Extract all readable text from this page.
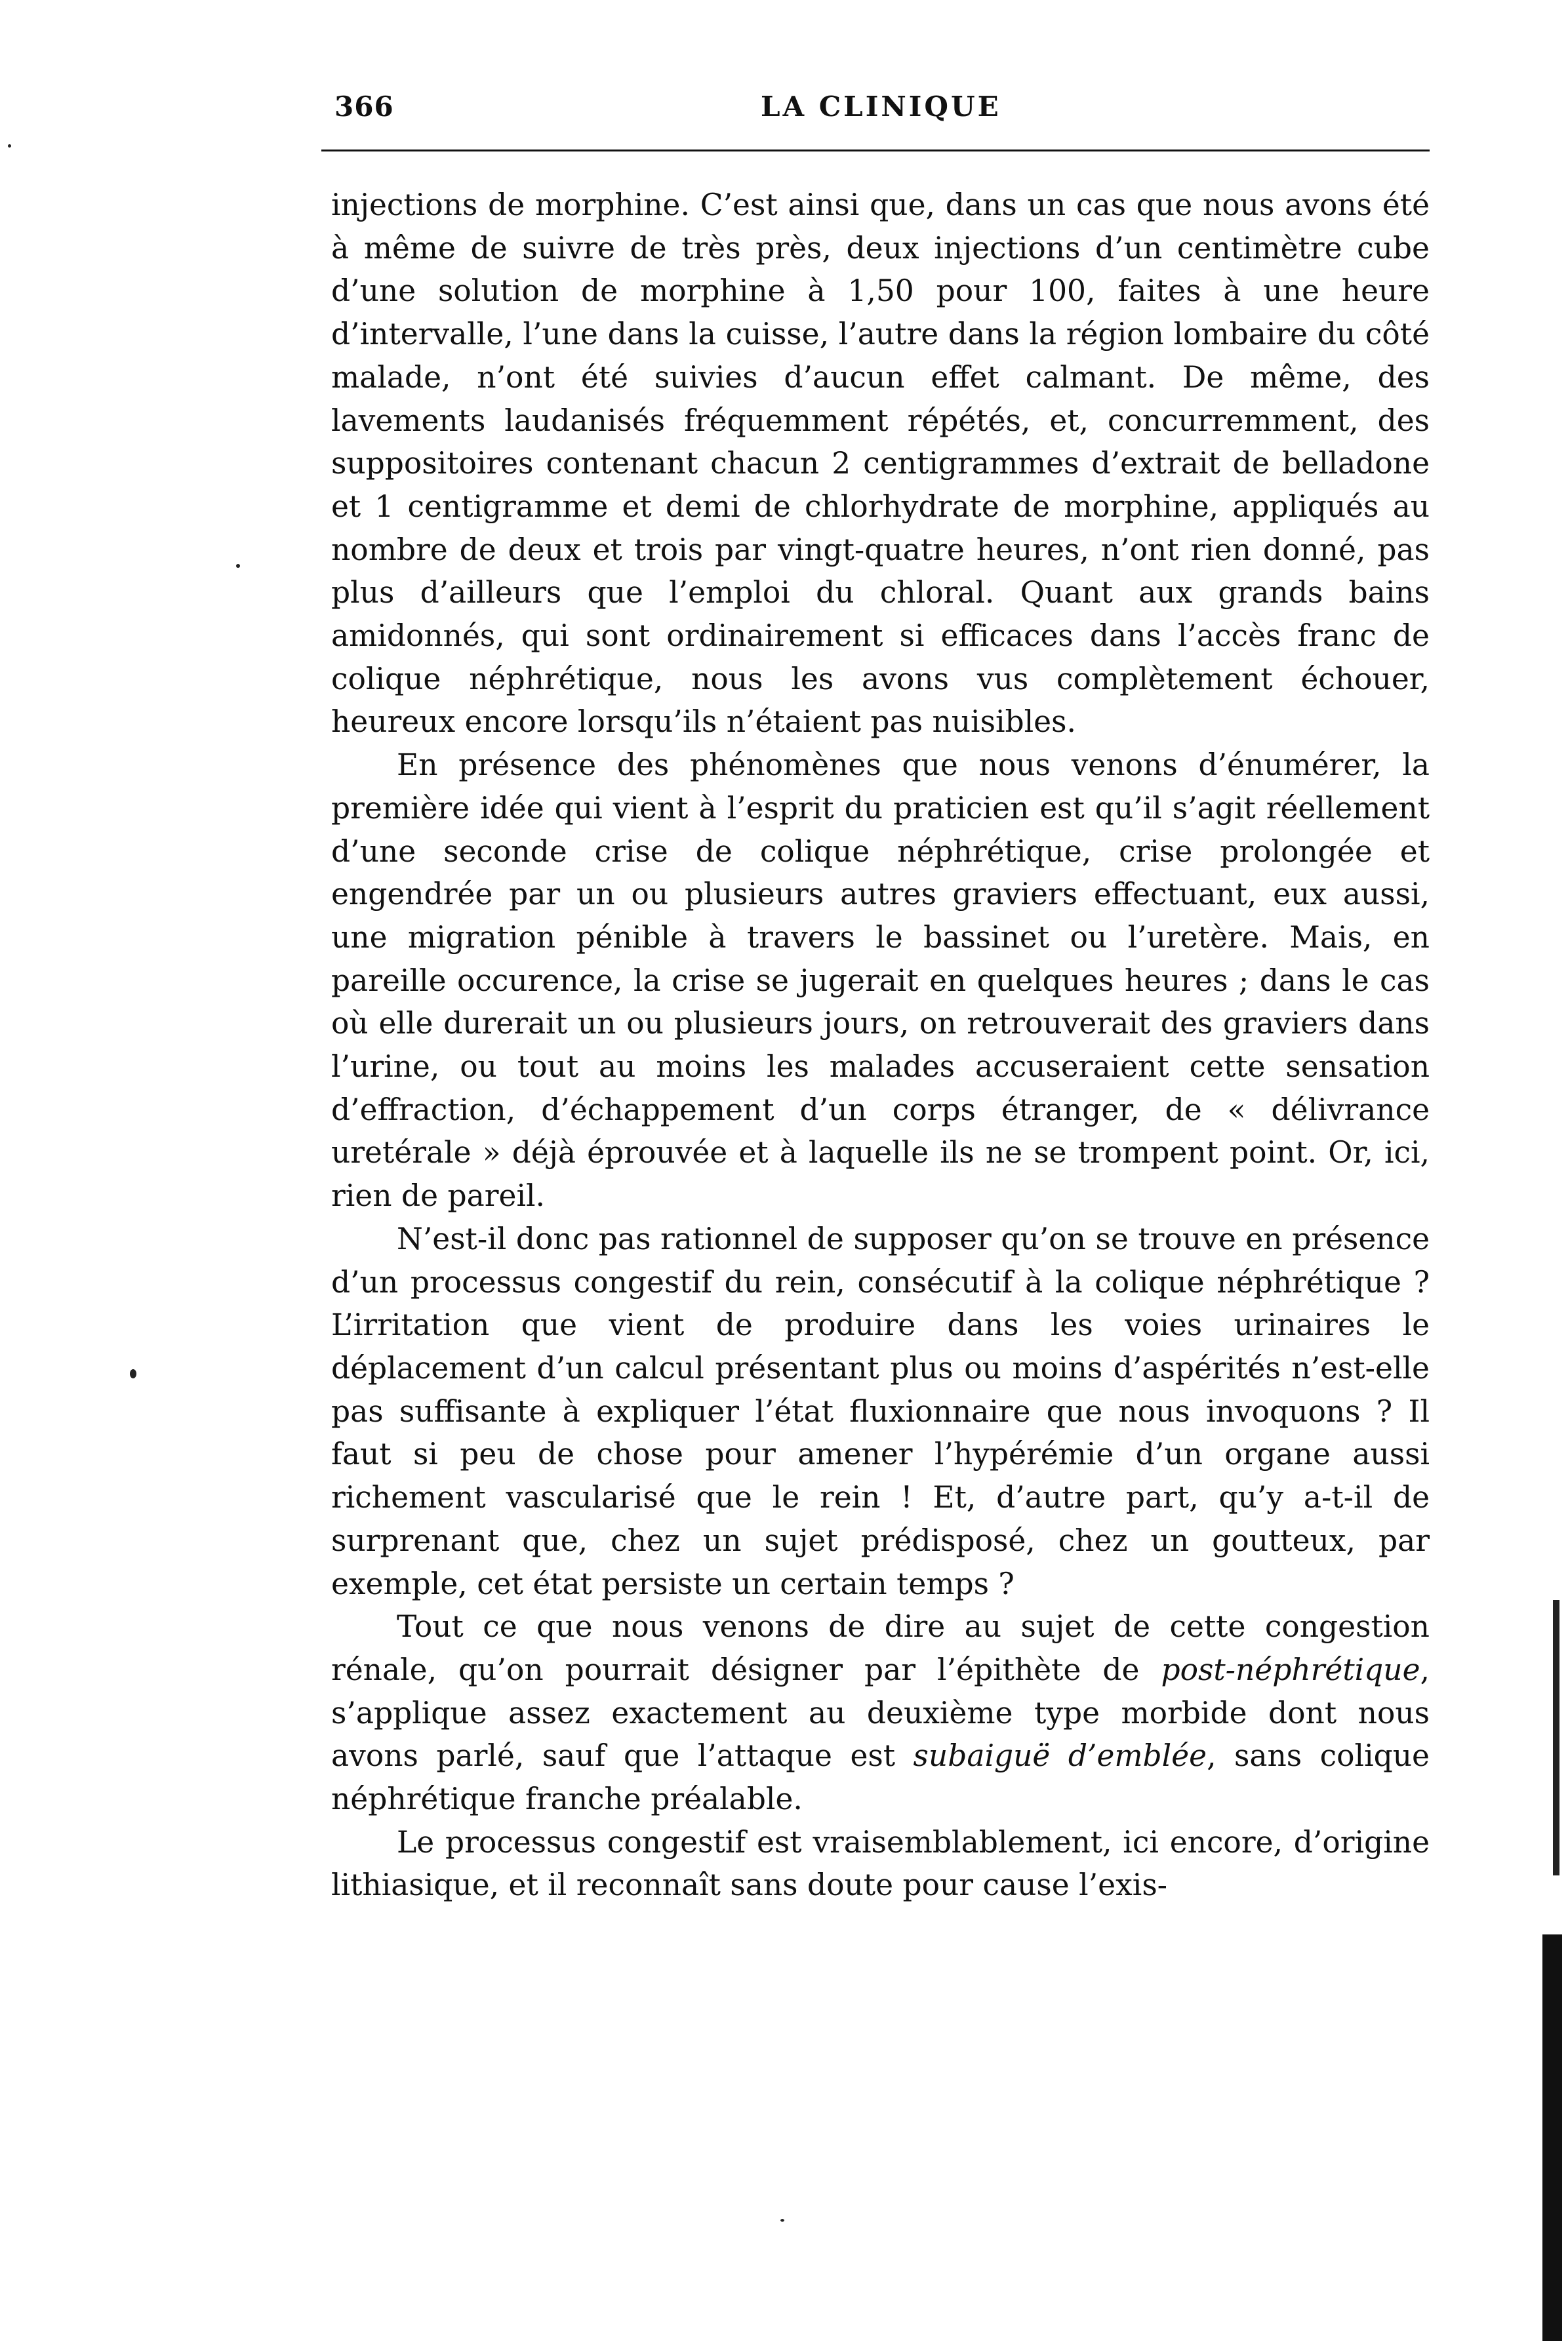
366	LA CLINIQUE

injections de morphine. C’est ainsi que, dans un cas que nous avons été à même de suivre de très près, deux injections d’un centimètre cube d’une solution de morphine à 1,50 pour 100, faites à une heure d’intervalle, l’une dans la cuisse, l’autre dans la région lombaire du côté malade, n’ont été suivies d’aucun effet calmant. De même, des lavements laudanisés fréquemment répétés, et, concurremment, des suppositoires contenant chacun 2 centigrammes d’extrait de belladone et 1 centigramme et demi de chlorhydrate de morphine, appliqués au nombre de deux et trois par vingt-quatre heures, n’ont rien donné, pas plus d’ailleurs que l’emploi du chloral. Quant aux grands bains amidonnés, qui sont ordinairement si efficaces dans l’accès franc de colique néphrétique, nous les avons vus complètement échouer, heureux encore lorsqu’ils n’étaient pas nuisibles.

En présence des phénomènes que nous venons d’énumérer, la première idée qui vient à l’esprit du praticien est qu’il s’agit réellement d’une seconde crise de colique néphrétique, crise prolongée et engendrée par un ou plusieurs autres graviers effectuant, eux aussi, une migration pénible à travers le bassinet ou l’uretère. Mais, en pareille occurence, la crise se jugerait en quelques heures ; dans le cas où elle durerait un ou plusieurs jours, on retrouverait des graviers dans l’urine, ou tout au moins les malades accuseraient cette sensation d’effraction, d’échappement d’un corps étranger, de « délivrance uretérale » déjà éprouvée et à laquelle ils ne se trompent point. Or, ici, rien de pareil.

N’est-il donc pas rationnel de supposer qu’on se trouve en présence d’un processus congestif du rein, consécutif à la colique néphrétique ? L’irritation que vient de produire dans les voies urinaires le déplacement d’un calcul présentant plus ou moins d’aspérités n’est-elle pas suffisante à expliquer l’état fluxionnaire que nous invoquons ? Il faut si peu de chose pour amener l’hypérémie d’un organe aussi richement vascularisé que le rein ! Et, d’autre part, qu’y a-t-il de surprenant que, chez un sujet prédisposé, chez un goutteux, par exemple, cet état persiste un certain temps ?

Tout ce que nous venons de dire au sujet de cette congestion rénale, qu’on pourrait désigner par l’épithète de post-néphrétique, s’applique assez exactement au deuxième type morbide dont nous avons parlé, sauf que l’attaque est subaiguë d’emblée, sans colique néphrétique franche préalable.

Le processus congestif est vraisemblablement, ici encore, d’origine lithiasique, et il reconnaît sans doute pour cause l’exis-
